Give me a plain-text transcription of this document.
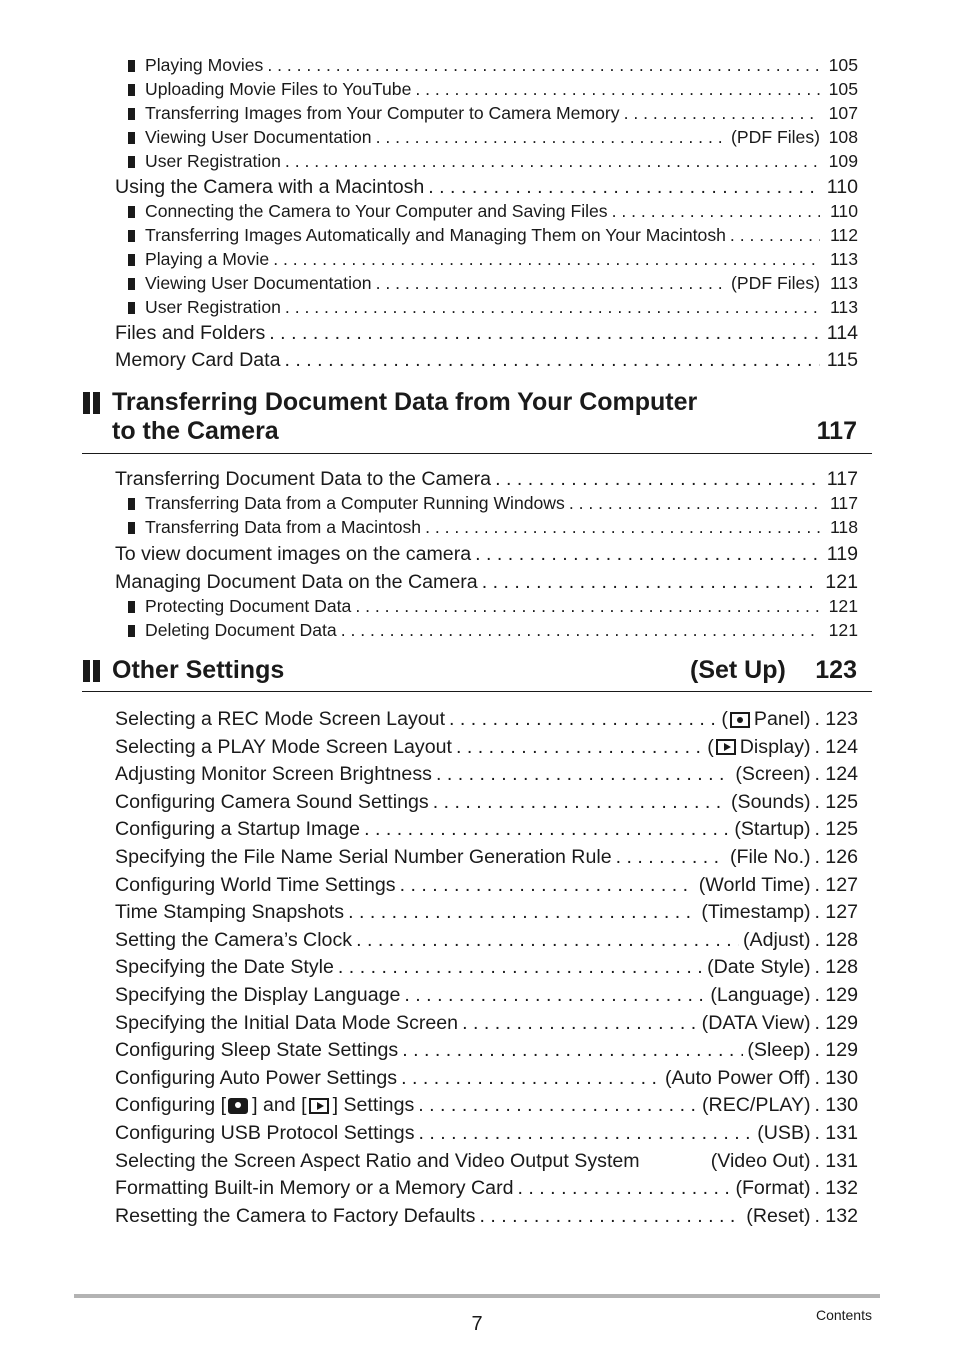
Playing Movies . . .	105
Uploading Movie Files to YouTube . . .	105
Transferring Images from Your Computer to Camera Memory . . .	107
Viewing User Documentation . . .	(PDF Files) 108
User Registration . . .	109
Using the Camera with a Macintosh . . .	110
Connecting the Camera to Your Computer and Saving Files . . .	110
Transferring Images Automatically and Managing Them on Your Macintosh . . .	112
Playing a Movie . . .	113
Viewing User Documentation . . .	(PDF Files) 113
User Registration . . .	113
Files and Folders . . .	114
Memory Card Data . . .	115
Transferring Document Data to the Camera . . .	117
Transferring Data from a Computer Running Windows . . .	117
Transferring Data from a Macintosh . . .	118
To view document images on the camera . . .	119
Managing Document Data on the Camera . . .	121
Protecting Document Data . . .	121
Deleting Document Data . . .	121
Selecting a REC Mode Screen Layout . . .	( Panel) . 123
Selecting a PLAY Mode Screen Layout . . .	( Display) . 124
Adjusting Monitor Screen Brightness . . .	(Screen) . 124
Configuring Camera Sound Settings . . .	(Sounds) . 125
Configuring a Startup Image . . .	(Startup) . 125
Specifying the File Name Serial Number Generation Rule . . .	(File No.) . 126
Configuring World Time Settings . . .	(World Time) . 127
Time Stamping Snapshots . . .	(Timestamp) . 127
Setting the Camera’s Clock . . .	(Adjust) . 128
Specifying the Date Style . . .	(Date Style) . 128
Specifying the Display Language . . .	(Language) . 129
Specifying the Initial Data Mode Screen . . .	(DATA View) . 129
Configuring Sleep State Settings . . .	(Sleep) . 129
Configuring Auto Power Settings . . .	(Auto Power Off) . 130
Configuring [ ] and [ ] Settings . . .	(REC/PLAY) . 130
Configuring USB Protocol Settings . . .	(USB) . 131
Selecting the Screen Aspect Ratio and Video Output System	(Video Out) . 131
Formatting Built-in Memory or a Memory Card . . .	(Format) . 132
Resetting the Camera to Factory Defaults . . .	(Reset) . 132
Transferring Document Data from Your Computer
to the Camera	117
Other Settings	(Set Up)	123
7	Contents
